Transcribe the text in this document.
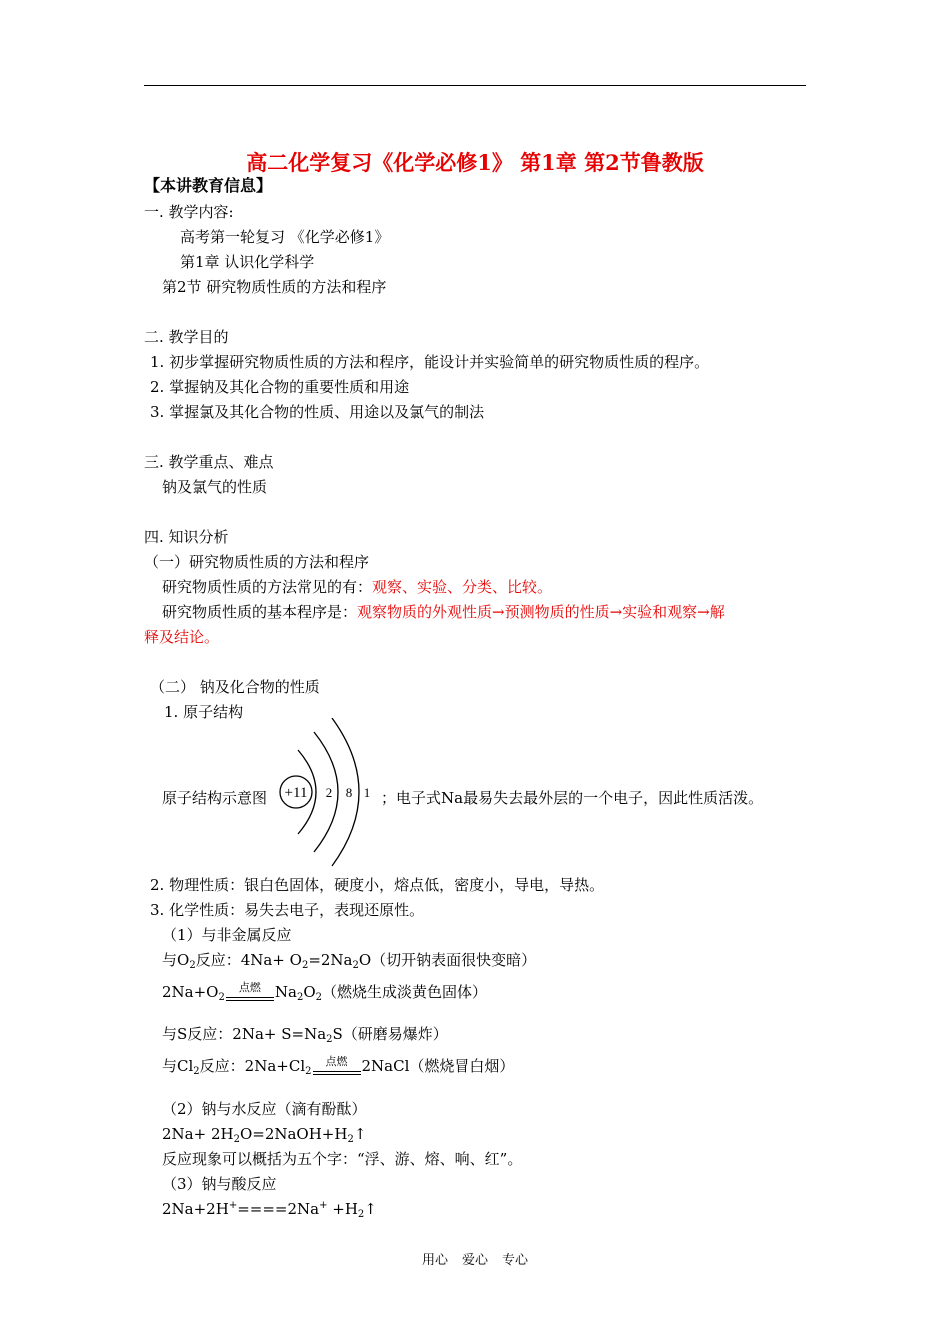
高二化学复习《化学必修1》 第1章 第2节鲁教版
【本讲教育信息】
一. 教学内容:
高考第一轮复习 《化学必修1》
第1章 认识化学科学
第2节 研究物质性质的方法和程序
二. 教学目的
1. 初步掌握研究物质性质的方法和程序，能设计并实验简单的研究物质性质的程序。
2. 掌握钠及其化合物的重要性质和用途
3. 掌握氯及其化合物的性质、用途以及氯气的制法
三. 教学重点、难点
钠及氯气的性质
四. 知识分析
（一）研究物质性质的方法和程序
研究物质性质的方法常见的有：观察、实验、分类、比较。
研究物质性质的基本程序是：观察物质的外观性质→预测物质的性质→实验和观察→解
释及结论。
（二） 钠及化合物的性质
1. 原子结构
原子结构示意图 +11 2 8 1 ；电子式Na最易失去最外层的一个电子，因此性质活泼。
2. 物理性质：银白色固体，硬度小，熔点低，密度小，导电，导热。
3. 化学性质：易失去电子，表现还原性。
（1）与非金属反应
与$O_2$反应：$4Na+ O_2=2Na_2O$（切开钠表面很快变暗）
$2Na+O_2$
点燃 $Na_2O_2$（燃烧生成淡黄色固体）
与S反应：$2Na+ S=Na_2S$（研磨易爆炸）
与$Cl_2$反应：$2Na+Cl_2$
点燃 2NaCl（燃烧冒白烟）
（2）钠与水反应（滴有酚酞）
$2Na+ 2H_2O=2NaOH+H_2↑$
反应现象可以概括为五个字：“浮、游、熔、响、红”。
（3）钠与酸反应
$2Na+2H^+====2Na^+ +H_2↑$
用心 爱心 专心
